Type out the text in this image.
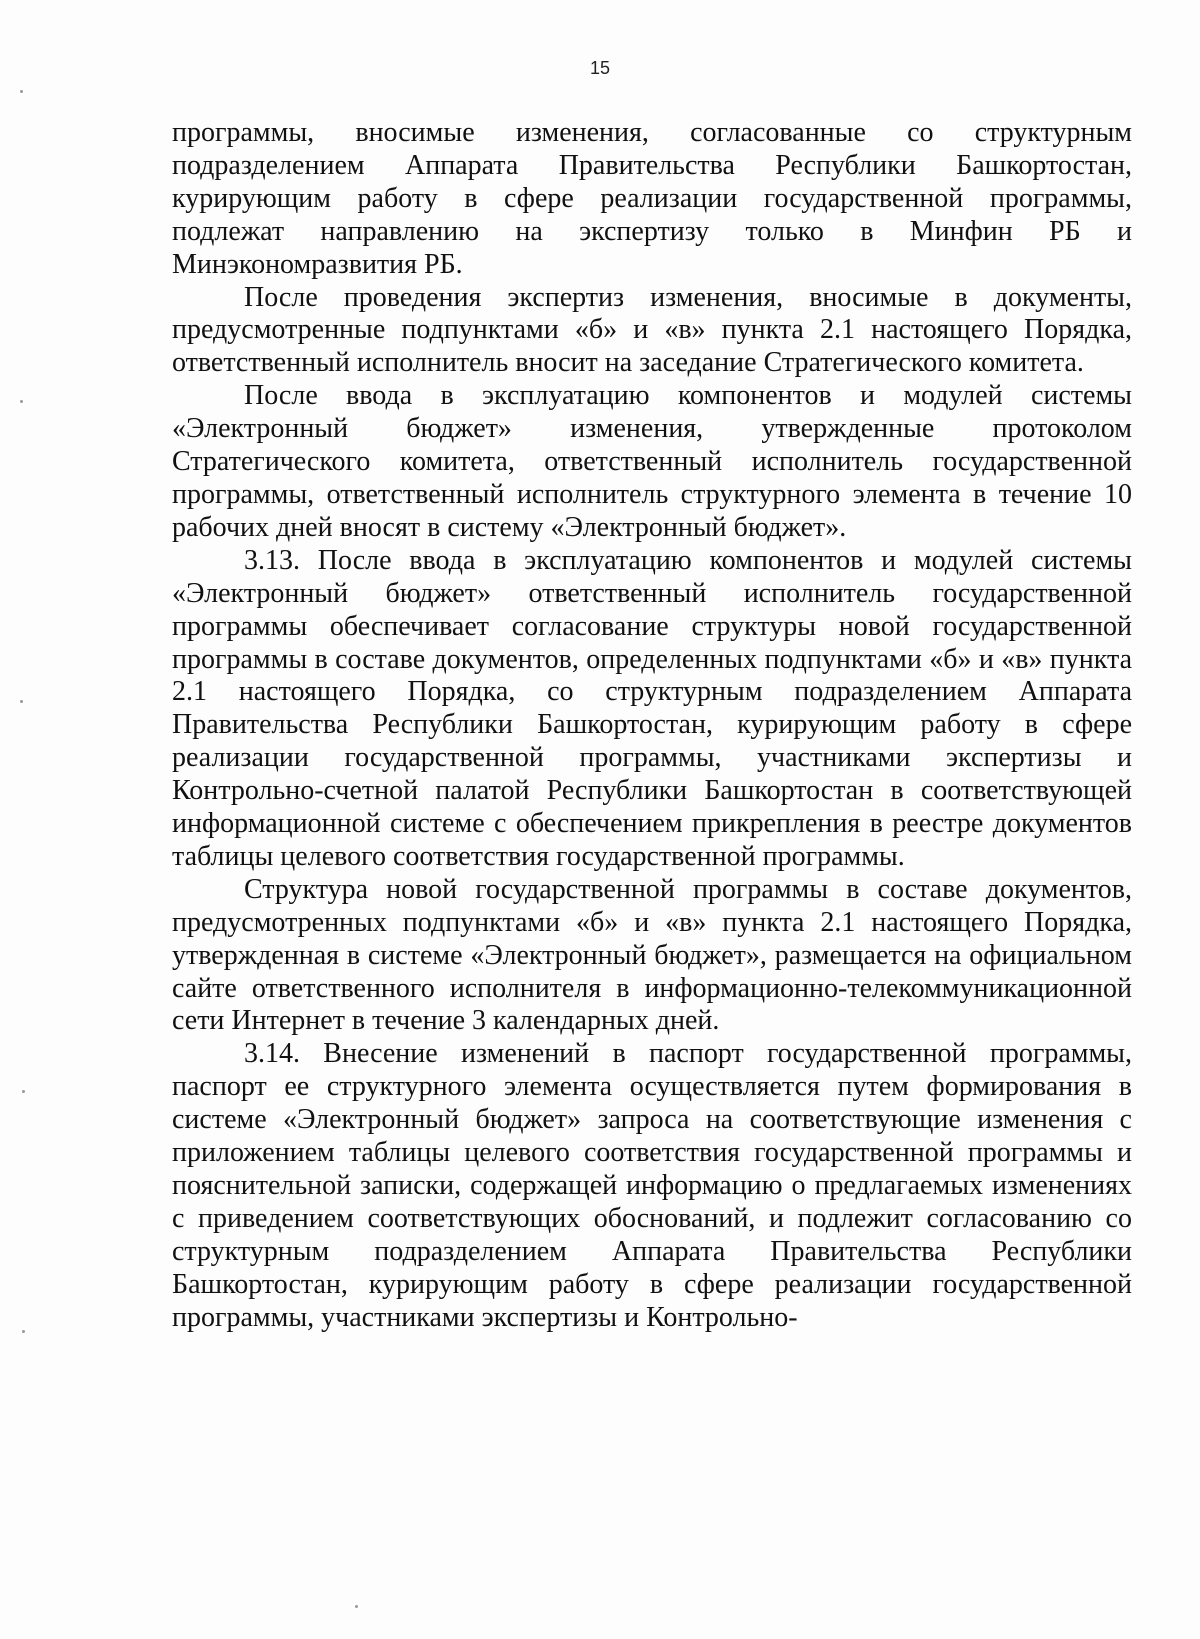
15

программы, вносимые изменения, согласованные со структурным подразделением Аппарата Правительства Республики Башкортостан, курирующим работу в сфере реализации государственной программы, подлежат направлению на экспертизу только в Минфин РБ и Минэкономразвития РБ.

После проведения экспертиз изменения, вносимые в документы, предусмотренные подпунктами «б» и «в» пункта 2.1 настоящего Порядка, ответственный исполнитель вносит на заседание Стратегического комитета.

После ввода в эксплуатацию компонентов и модулей системы «Электронный бюджет» изменения, утвержденные протоколом Стратегического комитета, ответственный исполнитель государственной программы, ответственный исполнитель структурного элемента в течение 10 рабочих дней вносят в систему «Электронный бюджет».

3.13. После ввода в эксплуатацию компонентов и модулей системы «Электронный бюджет» ответственный исполнитель государственной программы обеспечивает согласование структуры новой государственной программы в составе документов, определенных подпунктами «б» и «в» пункта 2.1 настоящего Порядка, со структурным подразделением Аппарата Правительства Республики Башкортостан, курирующим работу в сфере реализации государственной программы, участниками экспертизы и Контрольно-счетной палатой Республики Башкортостан в соответствующей информационной системе с обеспечением прикрепления в реестре документов таблицы целевого соответствия государственной программы.

Структура новой государственной программы в составе документов, предусмотренных подпунктами «б» и «в» пункта 2.1 настоящего Порядка, утвержденная в системе «Электронный бюджет», размещается на официальном сайте ответственного исполнителя в информационно-телекоммуникационной сети Интернет в течение 3 календарных дней.

3.14. Внесение изменений в паспорт государственной программы, паспорт ее структурного элемента осуществляется путем формирования в системе «Электронный бюджет» запроса на соответствующие изменения с приложением таблицы целевого соответствия государственной программы и пояснительной записки, содержащей информацию о предлагаемых изменениях с приведением соответствующих обоснований, и подлежит согласованию со структурным подразделением Аппарата Правительства Республики Башкортостан, курирующим работу в сфере реализации государственной программы, участниками экспертизы и Контрольно-
